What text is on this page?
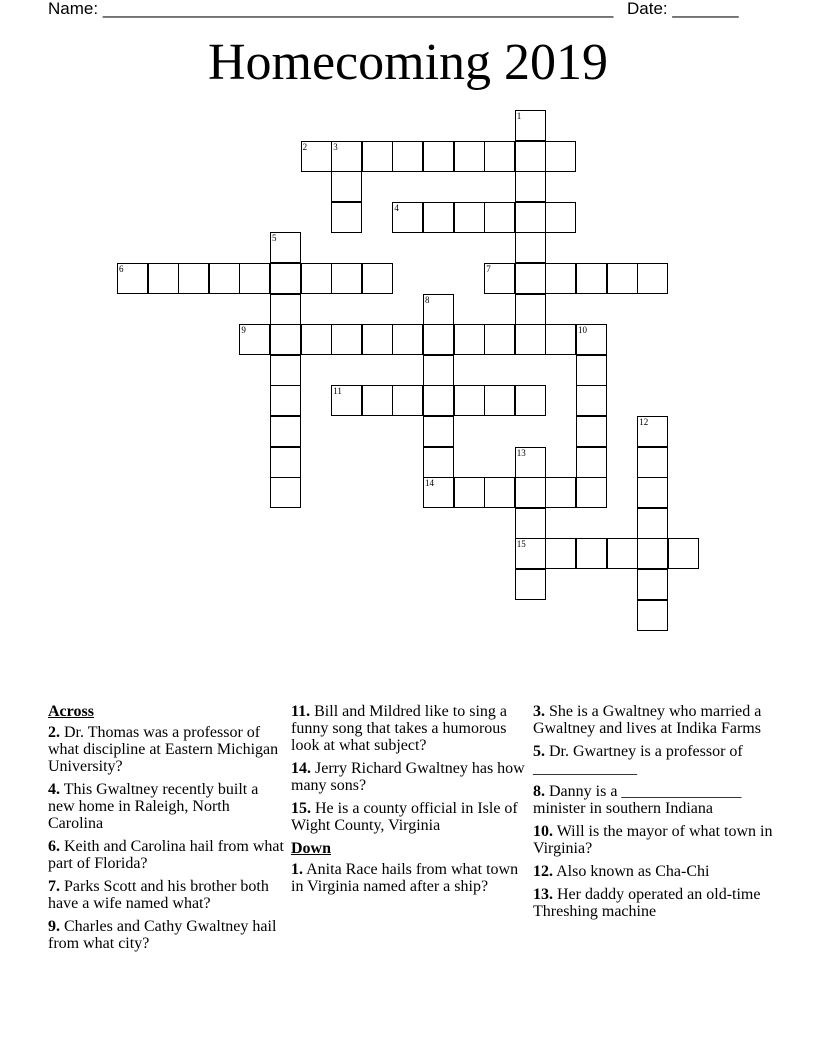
Name: ______________________________________________________ Date: _______
Homecoming 2019
1
2	3
4
5
6	7
8
9	10
11
12
13
14
15
Across
2. Dr. Thomas was a professor of what discipline at Eastern Michigan University?
4. This Gwaltney recently built a new home in Raleigh, North Carolina
6. Keith and Carolina hail from what part of Florida?
7. Parks Scott and his brother both have a wife named what?
9. Charles and Cathy Gwaltney hail from what city?
11. Bill and Mildred like to sing a funny song that takes a humorous look at what subject?
14. Jerry Richard Gwaltney has how many sons?
15. He is a county official in Isle of Wight County, Virginia
Down
1. Anita Race hails from what town in Virginia named after a ship?
3. She is a Gwaltney who married a Gwaltney and lives at Indika Farms
5. Dr. Gwartney is a professor of _____________
8. Danny is a _______________ minister in southern Indiana
10. Will is the mayor of what town in Virginia?
12. Also known as Cha-Chi
13. Her daddy operated an old-time Threshing machine
